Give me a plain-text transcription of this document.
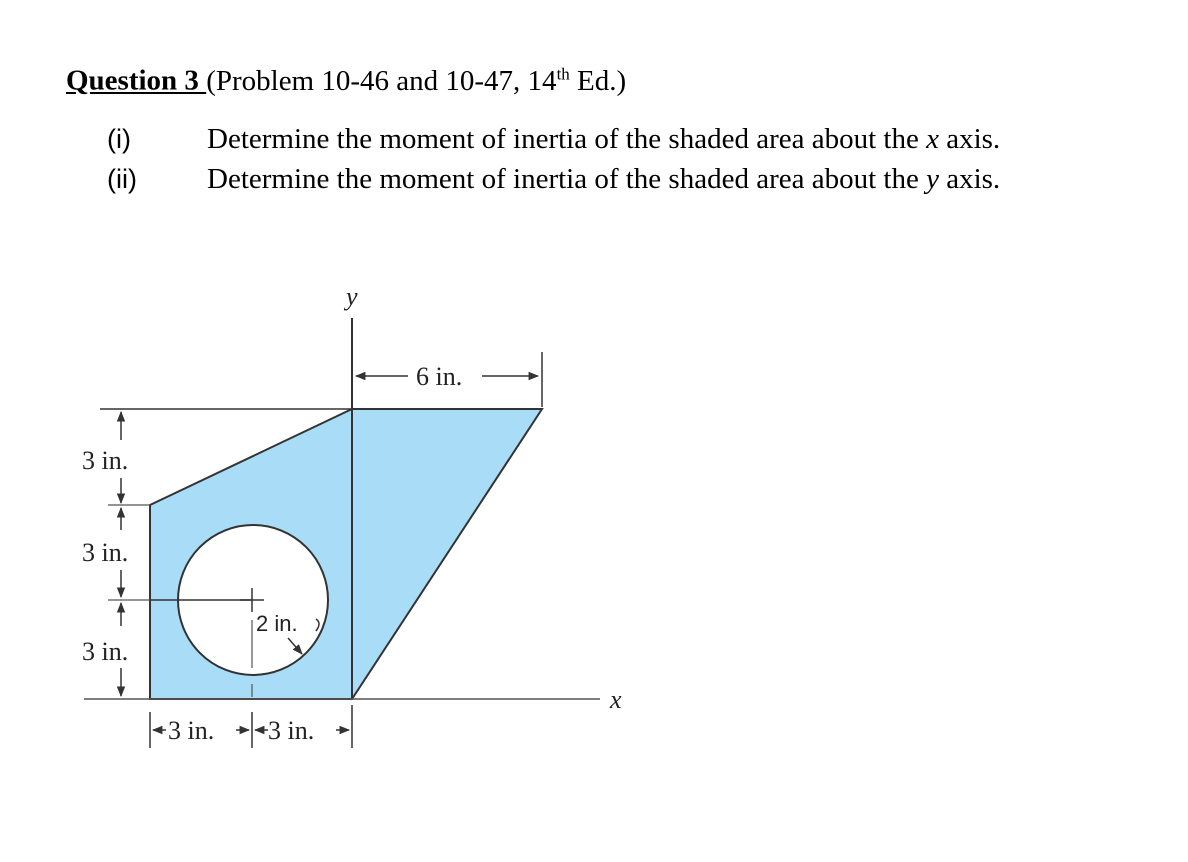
Question 3 (Problem 10-46 and 10-47, 14th Ed.)
(i)	Determine the moment of inertia of the shaded area about the x axis.
(ii) Determine the moment of inertia of the shaded area about the y axis.
y
x
6 in.
3 in.
3 in.
3 in.
2 in.
3 in. 3 in.
